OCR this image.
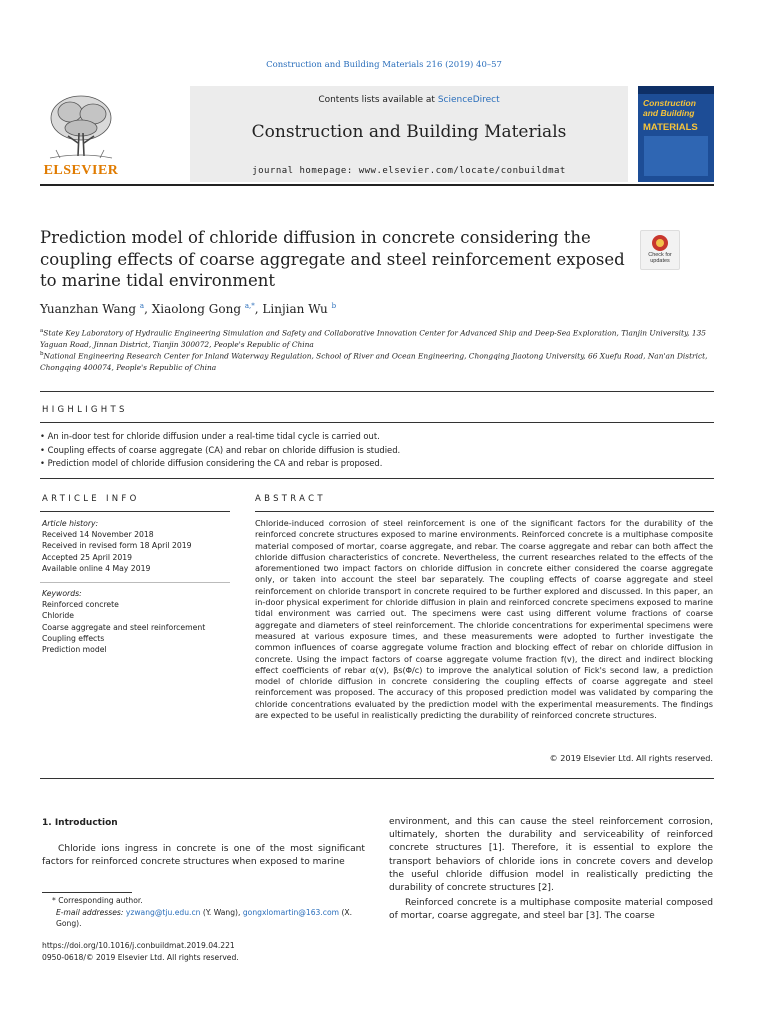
Construction and Building Materials 216 (2019) 40–57
Contents lists available at ScienceDirect
Construction and Building Materials
journal homepage: www.elsevier.com/locate/conbuildmat
ELSEVIER
Construction and Building
MATERIALS
Prediction model of chloride diffusion in concrete considering the coupling effects of coarse aggregate and steel reinforcement exposed to marine tidal environment
Check for updates
Yuanzhan Wang $^a$, Xiaolong Gong $^{a,*}$, Linjian Wu $^b$
$^a$State Key Laboratory of Hydraulic Engineering Simulation and Safety and Collaborative Innovation Center for Advanced Ship and Deep-Sea Exploration, Tianjin University, 135 Yaguan Road, Jinnan District, Tianjin 300072, People's Republic of China
$^b$National Engineering Research Center for Inland Waterway Regulation, School of River and Ocean Engineering, Chongqing Jiaotong University, 66 Xuefu Road, Nan'an District, Chongqing 400074, People's Republic of China
HIGHLIGHTS
• An in-door test for chloride diffusion under a real-time tidal cycle is carried out.
• Coupling effects of coarse aggregate (CA) and rebar on chloride diffusion is studied.
• Prediction model of chloride diffusion considering the CA and rebar is proposed.
ARTICLE INFO
Article history:
Received 14 November 2018
Received in revised form 18 April 2019
Accepted 25 April 2019
Available online 4 May 2019
Keywords:
Reinforced concrete
Chloride
Coarse aggregate and steel reinforcement
Coupling effects
Prediction model
ABSTRACT
Chloride-induced corrosion of steel reinforcement is one of the significant factors for the durability of the reinforced concrete structures exposed to marine environments. Reinforced concrete is a multiphase composite material composed of mortar, coarse aggregate, and rebar. The coarse aggregate and rebar can both affect the chloride diffusion characteristics of concrete. Nevertheless, the current researches related to the effects of the aforementioned two impact factors on chloride diffusion in concrete either considered the coarse aggregate only, or taken into account the steel bar separately. The coupling effects of coarse aggregate and steel reinforcement on chloride transport in concrete required to be further explored and discussed. In this paper, an in-door physical experiment for chloride diffusion in plain and reinforced concrete specimens exposed to marine tidal environment was carried out. The specimens were cast using different volume fractions of coarse aggregate and diameters of steel reinforcement. The chloride concentrations for experimental specimens were measured at various exposure times, and these measurements were adopted to further investigate the common influences of coarse aggregate volume fraction and blocking effect of rebar on chloride diffusion in concrete. Using the impact factors of coarse aggregate volume fraction f(v), the direct and indirect blocking effect coefficients of rebar α(v), βs(Φ/c) to improve the analytical solution of Fick's second law, a prediction model of chloride diffusion in concrete considering the coupling effects of coarse aggregate and steel reinforcement was proposed. The accuracy of this proposed prediction model was validated by comparing the chloride concentrations evaluated by the prediction model with the experimental measurements. The findings are expected to be useful in realistically predicting the durability of reinforced concrete structures.
© 2019 Elsevier Ltd. All rights reserved.
1. Introduction
Chloride ions ingress in concrete is one of the most significant factors for reinforced concrete structures when exposed to marine
environment, and this can cause the steel reinforcement corrosion, ultimately, shorten the durability and serviceability of reinforced concrete structures [1]. Therefore, it is essential to explore the transport behaviors of chloride ions in concrete covers and develop the useful chloride diffusion model in realistically predicting the durability of concrete structures [2].
Reinforced concrete is a multiphase composite material composed of mortar, coarse aggregate, and steel bar [3]. The coarse
* Corresponding author.
E-mail addresses: yzwang@tju.edu.cn (Y. Wang), gongxlomartin@163.com (X. Gong).
https://doi.org/10.1016/j.conbuildmat.2019.04.221
0950-0618/© 2019 Elsevier Ltd. All rights reserved.
